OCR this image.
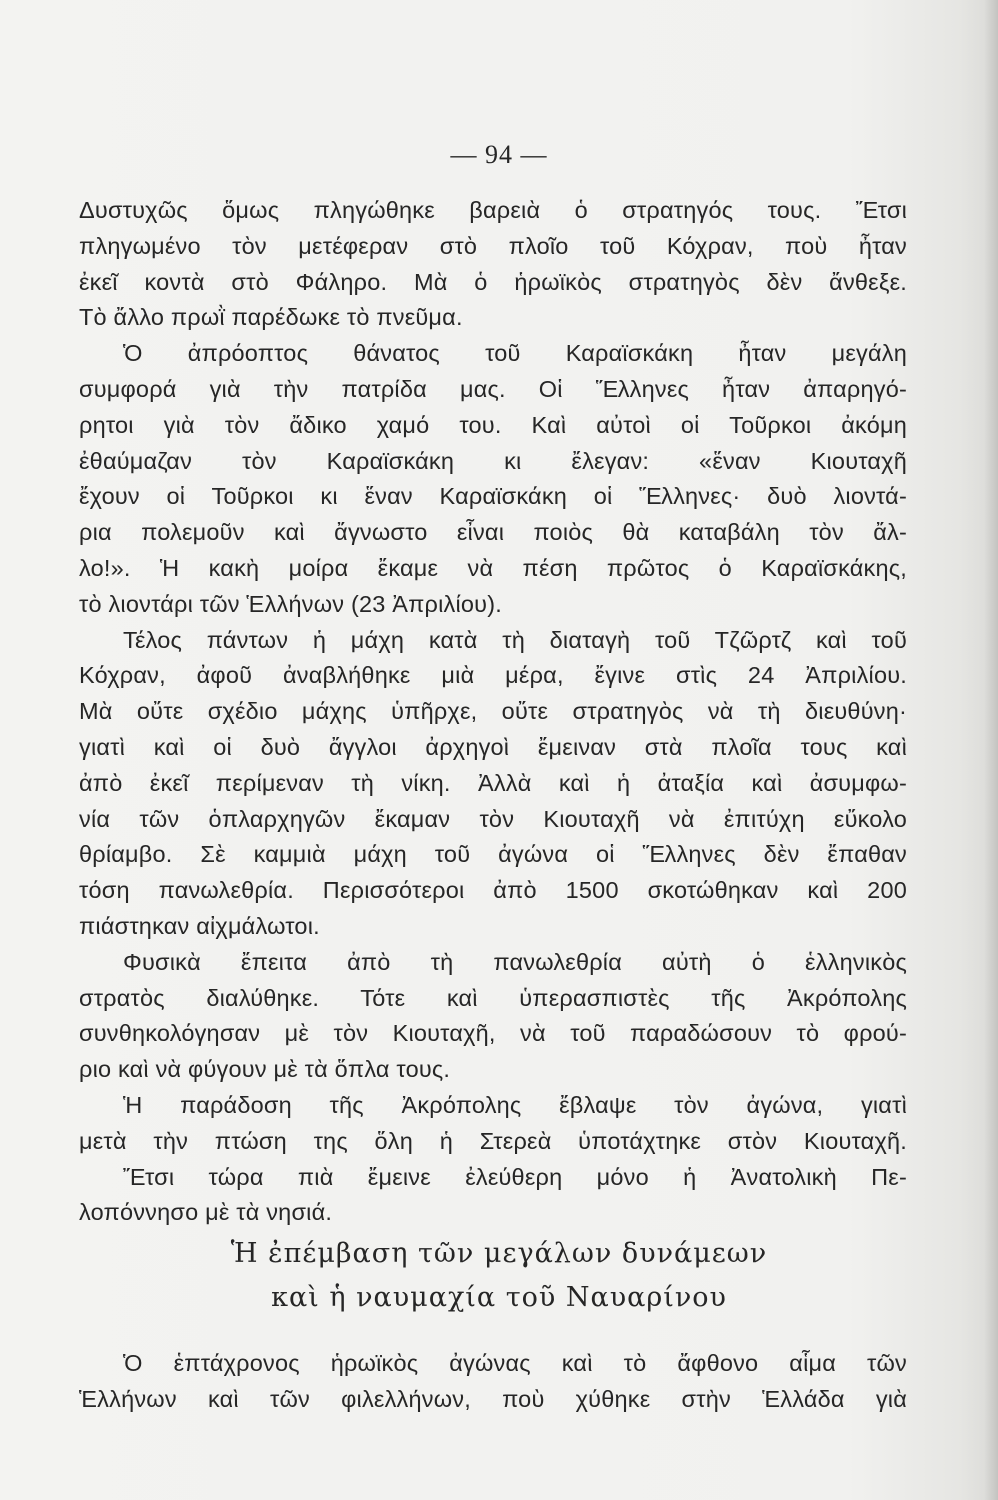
— 94 —
Δυστυχῶς ὅμως πληγώθηκε βαρειὰ ὁ στρατηγός τους. Ἔτσι
πληγωμένο τὸν μετέφεραν στὸ πλοῖο τοῦ Κόχραν, ποὺ ἦταν
ἐκεῖ κοντὰ στὸ Φάληρο. Μὰ ὁ ἡρωϊκὸς στρατηγὸς δὲν ἄνθεξε.
Τὸ ἄλλο πρωῒ παρέδωκε τὸ πνεῦμα.
Ὁ ἀπρόοπτος θάνατος τοῦ Καραϊσκάκη ἦταν μεγάλη
συμφορά γιὰ τὴν πατρίδα μας. Οἱ Ἕλληνες ἦταν ἀπαρηγό-
ρητοι γιὰ τὸν ἄδικο χαμό του. Καὶ αὐτοὶ οἱ Τοῦρκοι ἀκόμη
ἐθαύμαζαν τὸν Καραϊσκάκη κι ἔλεγαν: «ἕναν Κιουταχῆ
ἔχουν οἱ Τοῦρκοι κι ἕναν Καραϊσκάκη οἱ Ἕλληνες· δυὸ λιοντά-
ρια πολεμοῦν καὶ ἄγνωστο εἶναι ποιὸς θὰ καταβάλη τὸν ἄλ-
λο!». Ἡ κακὴ μοίρα ἔκαμε νὰ πέση πρῶτος ὁ Καραϊσκάκης,
τὸ λιοντάρι τῶν Ἑλλήνων (23 Ἀπριλίου).
Τέλος πάντων ἡ μάχη κατὰ τὴ διαταγὴ τοῦ Τζῶρτζ καὶ τοῦ
Κόχραν, ἀφοῦ ἀναβλήθηκε μιὰ μέρα, ἔγινε στὶς 24 Ἀπριλίου.
Μὰ οὔτε σχέδιο μάχης ὑπῆρχε, οὔτε στρατηγὸς νὰ τὴ διευθύνη·
γιατὶ καὶ οἱ δυὸ ἄγγλοι ἀρχηγοὶ ἔμειναν στὰ πλοῖα τους καὶ
ἀπὸ ἐκεῖ περίμεναν τὴ νίκη. Ἀλλὰ καὶ ἡ ἀταξία καὶ ἀσυμφω-
νία τῶν ὁπλαρχηγῶν ἔκαμαν τὸν Κιουταχῆ νὰ ἐπιτύχη εὔκολο
θρίαμβο. Σὲ καμμιὰ μάχη τοῦ ἀγώνα οἱ Ἕλληνες δὲν ἔπαθαν
τόση πανωλεθρία. Περισσότεροι ἀπὸ 1500 σκοτώθηκαν καὶ 200
πιάστηκαν αἰχμάλωτοι.
Φυσικὰ ἔπειτα ἀπὸ τὴ πανωλεθρία αὐτὴ ὁ ἑλληνικὸς
στρατὸς διαλύθηκε. Τότε καὶ ὑπερασπιστὲς τῆς Ἀκρόπολης
συνθηκολόγησαν μὲ τὸν Κιουταχῆ, νὰ τοῦ παραδώσουν τὸ φρού-
ριο καὶ νὰ φύγουν μὲ τὰ ὅπλα τους.
Ἡ παράδοση τῆς Ἀκρόπολης ἔβλαψε τὸν ἀγώνα, γιατὶ
μετὰ τὴν πτώση της ὅλη ἡ Στερεὰ ὑποτάχτηκε στὸν Κιουταχῆ.
Ἔτσι τώρα πιὰ ἔμεινε ἐλεύθερη μόνο ἡ Ἀνατολικὴ Πε-
λοπόννησο μὲ τὰ νησιά.
Ἡ ἐπέμβαση τῶν μεγάλων δυνάμεων
καὶ ἡ ναυμαχία τοῦ Ναυαρίνου
Ὁ ἑπτάχρονος ἡρωϊκὸς ἀγώνας καὶ τὸ ἄφθονο αἷμα τῶν
Ἑλλήνων καὶ τῶν φιλελλήνων, ποὺ χύθηκε στὴν Ἑλλάδα γιὰ
